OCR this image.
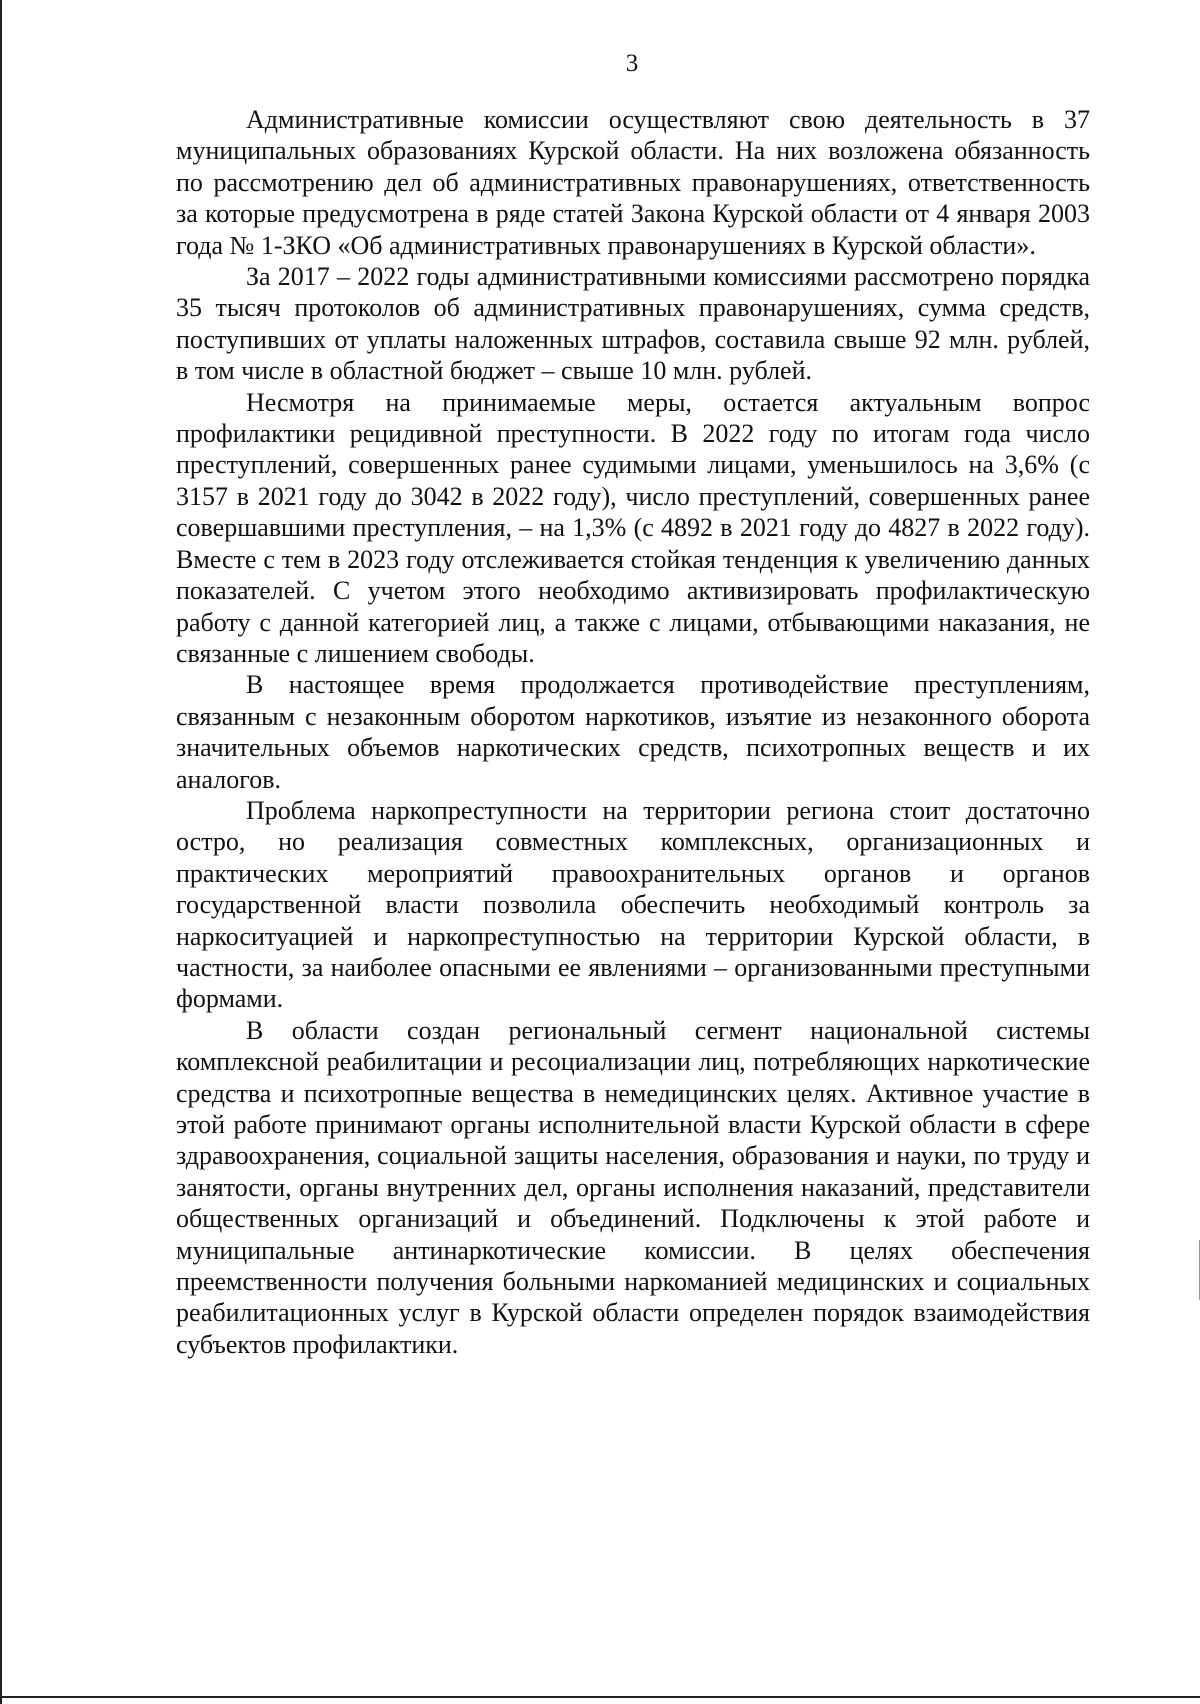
3

Административные комиссии осуществляют свою деятельность в 37 муниципальных образованиях Курской области. На них возложена обязанность по рассмотрению дел об административных правонарушениях, ответственность за которые предусмотрена в ряде статей Закона Курской области от 4 января 2003 года № 1-ЗКО «Об административных правонарушениях в Курской области».

За 2017 – 2022 годы административными комиссиями рассмотрено порядка 35 тысяч протоколов об административных правонарушениях, сумма средств, поступивших от уплаты наложенных штрафов, составила свыше 92 млн. рублей, в том числе в областной бюджет – свыше 10 млн. рублей.

Несмотря на принимаемые меры, остается актуальным вопрос профилактики рецидивной преступности. В 2022 году по итогам года число преступлений, совершенных ранее судимыми лицами, уменьшилось на 3,6% (с 3157 в 2021 году до 3042 в 2022 году), число преступлений, совершенных ранее совершавшими преступления, – на 1,3% (с 4892 в 2021 году до 4827 в 2022 году). Вместе с тем в 2023 году отслеживается стойкая тенденция к увеличению данных показателей. С учетом этого необходимо активизировать профилактическую работу с данной категорией лиц, а также с лицами, отбывающими наказания, не связанные с лишением свободы.

В настоящее время продолжается противодействие преступлениям, связанным с незаконным оборотом наркотиков, изъятие из незаконного оборота значительных объемов наркотических средств, психотропных веществ и их аналогов.

Проблема наркопреступности на территории региона стоит достаточно остро, но реализация совместных комплексных, организационных и практических мероприятий правоохранительных органов и органов государственной власти позволила обеспечить необходимый контроль за наркоситуацией и наркопреступностью на территории Курской области, в частности, за наиболее опасными ее явлениями – организованными преступными формами.

В области создан региональный сегмент национальной системы комплексной реабилитации и ресоциализации лиц, потребляющих наркотические средства и психотропные вещества в немедицинских целях. Активное участие в этой работе принимают органы исполнительной власти Курской области в сфере здравоохранения, социальной защиты населения, образования и науки, по труду и занятости, органы внутренних дел, органы исполнения наказаний, представители общественных организаций и объединений. Подключены к этой работе и муниципальные антинаркотические комиссии. В целях обеспечения преемственности получения больными наркоманией медицинских и социальных реабилитационных услуг в Курской области определен порядок взаимодействия субъектов профилактики.
